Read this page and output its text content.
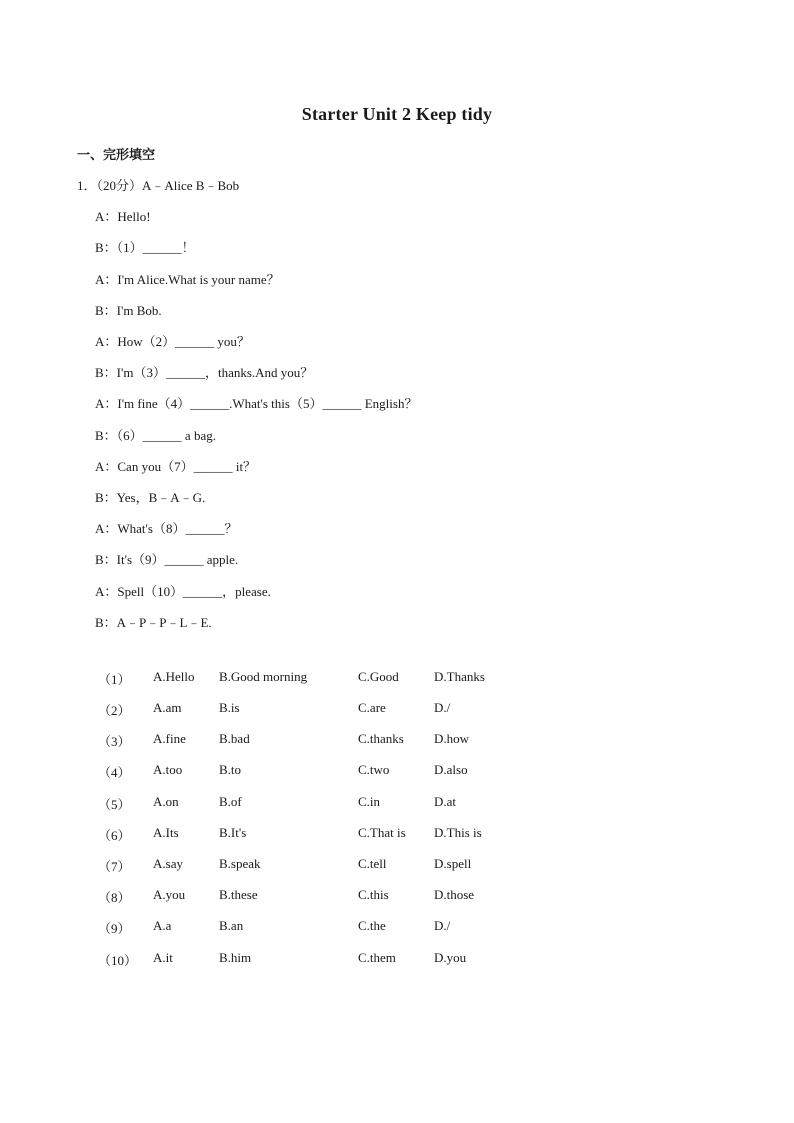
Starter Unit 2 Keep tidy
一、完形填空
1．（20分）A﹣Alice B﹣Bob
A：Hello!
B：（1）______！
A：I'm Alice.What is your name？
B：I'm Bob.
A：How（2）______ you？
B：I'm（3）______，thanks.And you？
A：I'm fine（4）______.What's this（5）______ English？
B：（6）______ a bag.
A：Can you（7）______ it？
B：Yes，B﹣A﹣G.
A：What's（8）______？
B：It's（9）______ apple.
A：Spell（10）______，please.
B：A﹣P﹣P﹣L﹣E.
（1） A.Hello B.Good morning	C.Good	D.Thanks
（2） A.am	B.is	C.are	D./
（3） A.fine	B.bad	C.thanks D.how
（4） A.too	B.to	C.two	D.also
（5） A.on	B.of	C.in	D.at
（6） A.Its	B.It's	C.That is D.This is
（7） A.say	B.speak	C.tell	D.spell
（8） A.you	B.these	C.this	D.those
（9） A.a	B.an	C.the	D./
（10） A.it	B.him	C.them	D.you
